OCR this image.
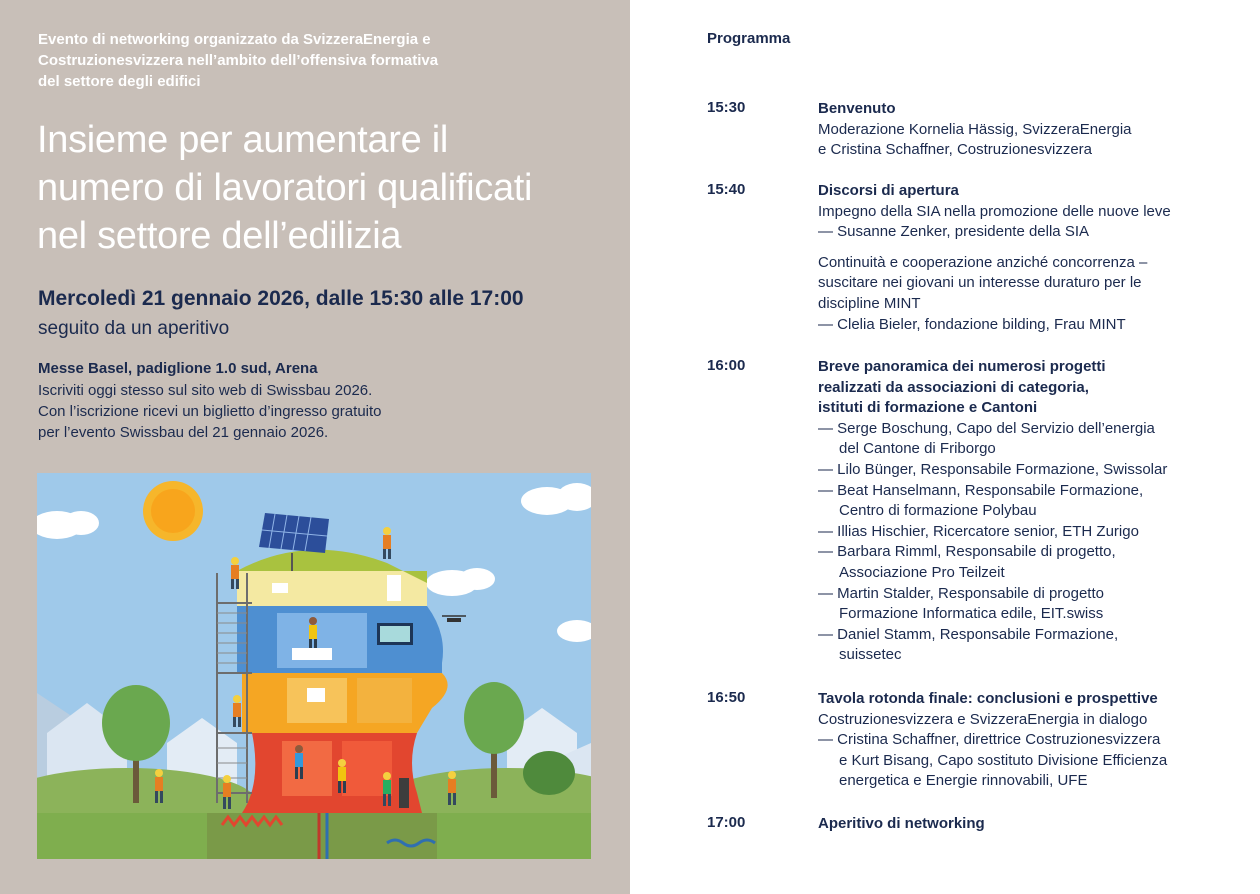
Evento di networking organizzato da SvizzeraEnergia e
Costruzionesvizzera nell’ambito dell’offensiva formativa
del settore degli edifici
Insieme per aumentare il
numero di lavoratori qualificati
nel settore dell’edilizia
Mercoledì 21 gennaio 2026, dalle 15:30 alle 17:00
seguito da un aperitivo
Messe Basel, padiglione 1.0 sud, Arena
Iscriviti oggi stesso sul sito web di Swissbau 2026.
Con l’iscrizione ricevi un biglietto d’ingresso gratuito
per l’evento Swissbau del 21 gennaio 2026.
Programma
15:30	Benvenuto
Moderazione Kornelia Hässig, SvizzeraEnergia
e Cristina Schaffner, Costruzionesvizzera
15:40	Discorsi di apertura
Impegno della SIA nella promozione delle nuove leve
— Susanne Zenker, presidente della SIA
Continuità e cooperazione anziché concorrenza –
suscitare nei giovani un interesse duraturo per le
discipline MINT
— Clelia Bieler, fondazione bilding, Frau MINT
16:00	Breve panoramica dei numerosi progetti
realizzati da associazioni di categoria,
istituti di formazione e Cantoni
— Serge Boschung, Capo del Servizio dell’energia
del Cantone di Friborgo
— Lilo Bünger, Responsabile Formazione, Swissolar
— Beat Hanselmann, Responsabile Formazione,
Centro di formazione Polybau
— Illias Hischier, Ricercatore senior, ETH Zurigo
— Barbara Rimml, Responsabile di progetto,
Associazione Pro Teilzeit
— Martin Stalder, Responsabile di progetto
Formazione Informatica edile, EIT.swiss
— Daniel Stamm, Responsabile Formazione,
suissetec
16:50	Tavola rotonda finale: conclusioni e prospettive
Costruzionesvizzera e SvizzeraEnergia in dialogo
— Cristina Schaffner, direttrice Costruzionesvizzera
e Kurt Bisang, Capo sostituto Divisione Efficienza
energetica e Energie rinnovabili, UFE
17:00	Aperitivo di networking
